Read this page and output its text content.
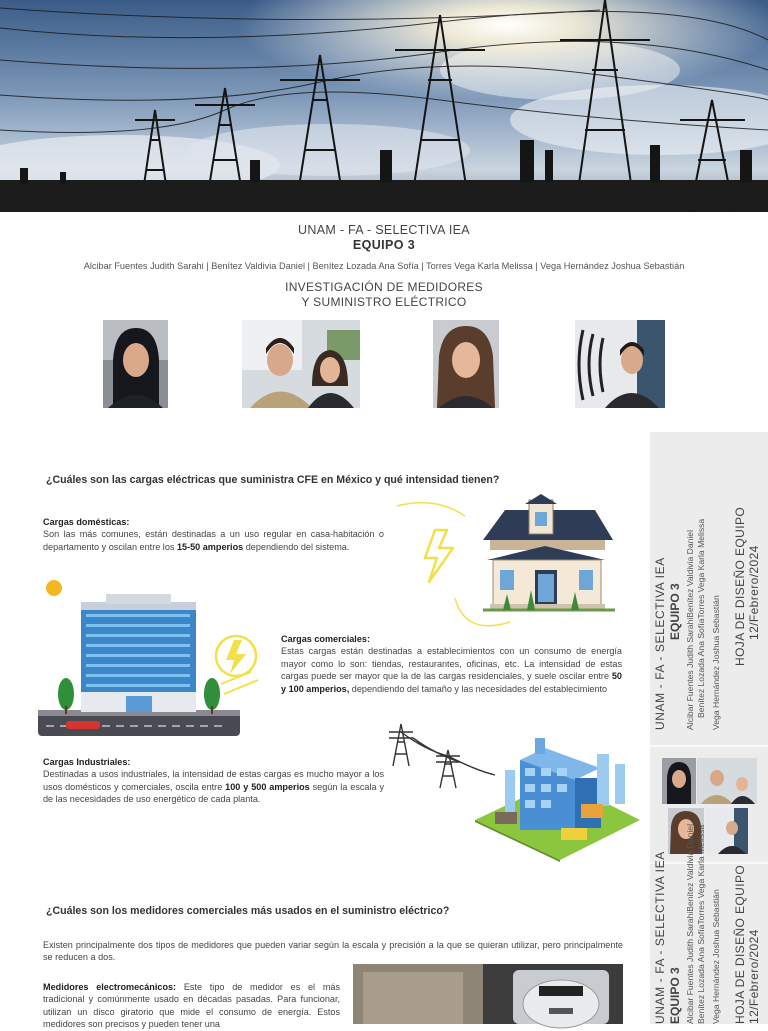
UNAM - FA - SELECTIVA IEA
EQUIPO 3
Alcibar Fuentes Judith Sarahi | Benítez Valdivia Daniel | Benítez Lozada Ana Sofía | Torres Vega Karla Melissa | Vega Hernández Joshua Sebastián
INVESTIGACIÓN DE MEDIDORES
Y SUMINISTRO ELÉCTRICO
¿Cuáles son las cargas eléctricas que suministra CFE en México y qué intensidad tienen?
Cargas domésticas:
Son las más comunes, están destinadas a un uso regular en casa-habitación o departamento y oscilan entre los 15-50 amperios dependiendo del sistema.
Cargas comerciales:
Estas cargas están destinadas a establecimientos con un consumo de energía mayor como lo son: tiendas, restaurantes, oficinas, etc. La intensidad de estas cargas puede ser mayor que la de las cargas residenciales, y suele oscilar entre 50 y 100 amperios, dependiendo del tamaño y las necesidades del establecimiento
Cargas Industriales:
Destinadas a usos industriales, la intensidad de estas cargas es mucho mayor a los usos domésticos y comerciales, oscila entre 100 y 500 amperios según la escala y de las necesidades de uso energético de cada planta.
¿Cuáles son los medidores comerciales más usados en el suministro eléctrico?
Existen principalmente dos tipos de medidores que pueden variar según la escala y precisión a la que se quieran utilizar, pero principalmente se reducen a dos.
Medidores electromecánicos: Este tipo de medidor es el más tradicional y comúnmente usado en décadas pasadas. Para funcionar, utilizan un disco giratorio que mide el consumo de energía. Estos medidores son precisos y pueden tener una
UNAM - FA - SELECTIVA IEA EQUIPO 3 Alcibar Fuentes Judith SarahiBenítez Valdivia Daniel Benítez Lozada Ana SofíaTorres Vega Karla Melissa Vega Hernández Joshua Sebastián HOJA DE DISEÑO EQUIPO 12/Febrero/2024
UNAM - FA - SELECTIVA IEA EQUIPO 3 Alcibar Fuentes Judith SarahiBenítez Valdivia Daniel Benítez Lozada Ana SofíaTorres Vega Karla Melissa Vega Hernández Joshua Sebastián HOJA DE DISEÑO EQUIPO 12/Febrero/2024
